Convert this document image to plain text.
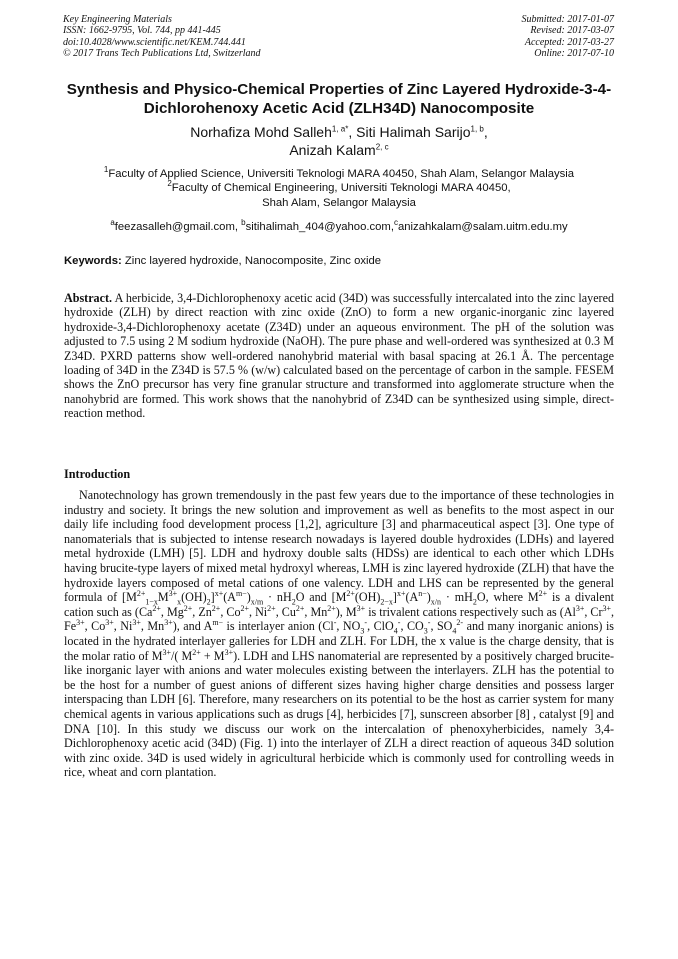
Key Engineering Materials
ISSN: 1662-9795, Vol. 744, pp 441-445
doi:10.4028/www.scientific.net/KEM.744.441
© 2017 Trans Tech Publications Ltd, Switzerland
Submitted: 2017-01-07
Revised: 2017-03-07
Accepted: 2017-03-27
Online: 2017-07-10
Synthesis and Physico-Chemical Properties of Zinc Layered Hydroxide-3-4-Dichlorohenoxy Acetic Acid (ZLH34D) Nanocomposite
Norhafiza Mohd Salleh$^{1, a*}$, Siti Halimah Sarijo$^{1, b}$,
Anizah Kalam$^{2, c}$
$^1$Faculty of Applied Science, Universiti Teknologi MARA 40450, Shah Alam, Selangor Malaysia
$^2$Faculty of Chemical Engineering, Universiti Teknologi MARA 40450,
Shah Alam, Selangor Malaysia
$^a$feezasalleh@gmail.com, $^b$sitihalimah_404@yahoo.com,$^c$anizahkalam@salam.uitm.edu.my
Keywords: Zinc layered hydroxide, Nanocomposite, Zinc oxide
Abstract. A herbicide, 3,4-Dichlorophenoxy acetic acid (34D) was successfully intercalated into the zinc layered hydroxide (ZLH) by direct reaction with zinc oxide (ZnO) to form a new organic-inorganic zinc layered hydroxide-3,4-Dichlorophenoxy acetate (Z34D) under an aqueous environment. The pH of the solution was adjusted to 7.5 using 2 M sodium hydroxide (NaOH). The pure phase and well-ordered was synthesized at 0.3 M Z34D. PXRD patterns show well-ordered nanohybrid material with basal spacing at 26.1 Å. The percentage loading of 34D in the Z34D is 57.5 % (w/w) calculated based on the percentage of carbon in the sample. FESEM shows the ZnO precursor has very fine granular structure and transformed into agglomerate structure when the nanohybrid are formed. This work shows that the nanohybrid of Z34D can be synthesized using simple, direct-reaction method.
Introduction
Nanotechnology has grown tremendously in the past few years due to the importance of these technologies in industry and society. It brings the new solution and improvement as well as benefits to the most aspect in our daily life including food development process [1,2], agriculture [3] and pharmaceutical aspect [3]. One type of nanomaterials that is subjected to intense research nowadays is layered double hydroxides (LDHs) and layered metal hydroxide (LMH) [5]. LDH and hydroxy double salts (HDSs) are identical to each other which LDHs having brucite-type layers of mixed metal hydroxyl whereas, LMH is zinc layered hydroxide (ZLH) that have the hydroxide layers composed of metal cations of one valency. LDH and LHS can be represented by the general formula of $[M^{2+}_{1-x}M^{3+}_x(OH)_2]^{x+}(A^{m-})_{x/m} \cdot nH_2O$ and $[M^{2+}(OH)_{2-x}]^{x+}(A^{n-})_{x/n} \cdot mH_2O$, where $M^{2+}$ is a divalent cation such as ($Ca^{2+}$, $Mg^{2+}$, $Zn^{2+}$, $Co^{2+}$, $Ni^{2+}$, $Cu^{2+}$, $Mn^{2+}$), $M^{3+}$ is trivalent cations respectively such as ($Al^{3+}$, $Cr^{3+}$, $Fe^{3+}$, $Co^{3+}$, $Ni^{3+}$, $Mn^{3+}$), and $A^{m-}$ is interlayer anion (Cl-, $NO_3^-$, ClO$_4$-, $CO_3^-$, $SO_4^{2-}$ and many inorganic anions) is located in the hydrated interlayer galleries for LDH and ZLH. For LDH, the x value is the charge density, that is the molar ratio of $M^{3+}/$( $M^{2+} + M^{3+}$). LDH and LHS nanomaterial are represented by a positively charged brucite-like inorganic layer with anions and water molecules existing between the interlayers. ZLH has the potential to be the host for a number of guest anions of different sizes having higher charge densities and possess larger interspacing than LDH [6]. Therefore, many researchers on its potential to be the host as carrier system for many chemical agents in various applications such as drugs [4], herbicides [7], sunscreen absorber [8] , catalyst [9] and DNA [10]. In this study we discuss our work on the intercalation of phenoxyherbicides, namely 3,4-Dichlorophenoxy acetic acid (34D) (Fig. 1) into the interlayer of ZLH a direct reaction of aqueous 34D solution with zinc oxide. 34D is used widely in agricultural herbicide which is commonly used for controlling weeds in rice, wheat and corn plantation.
